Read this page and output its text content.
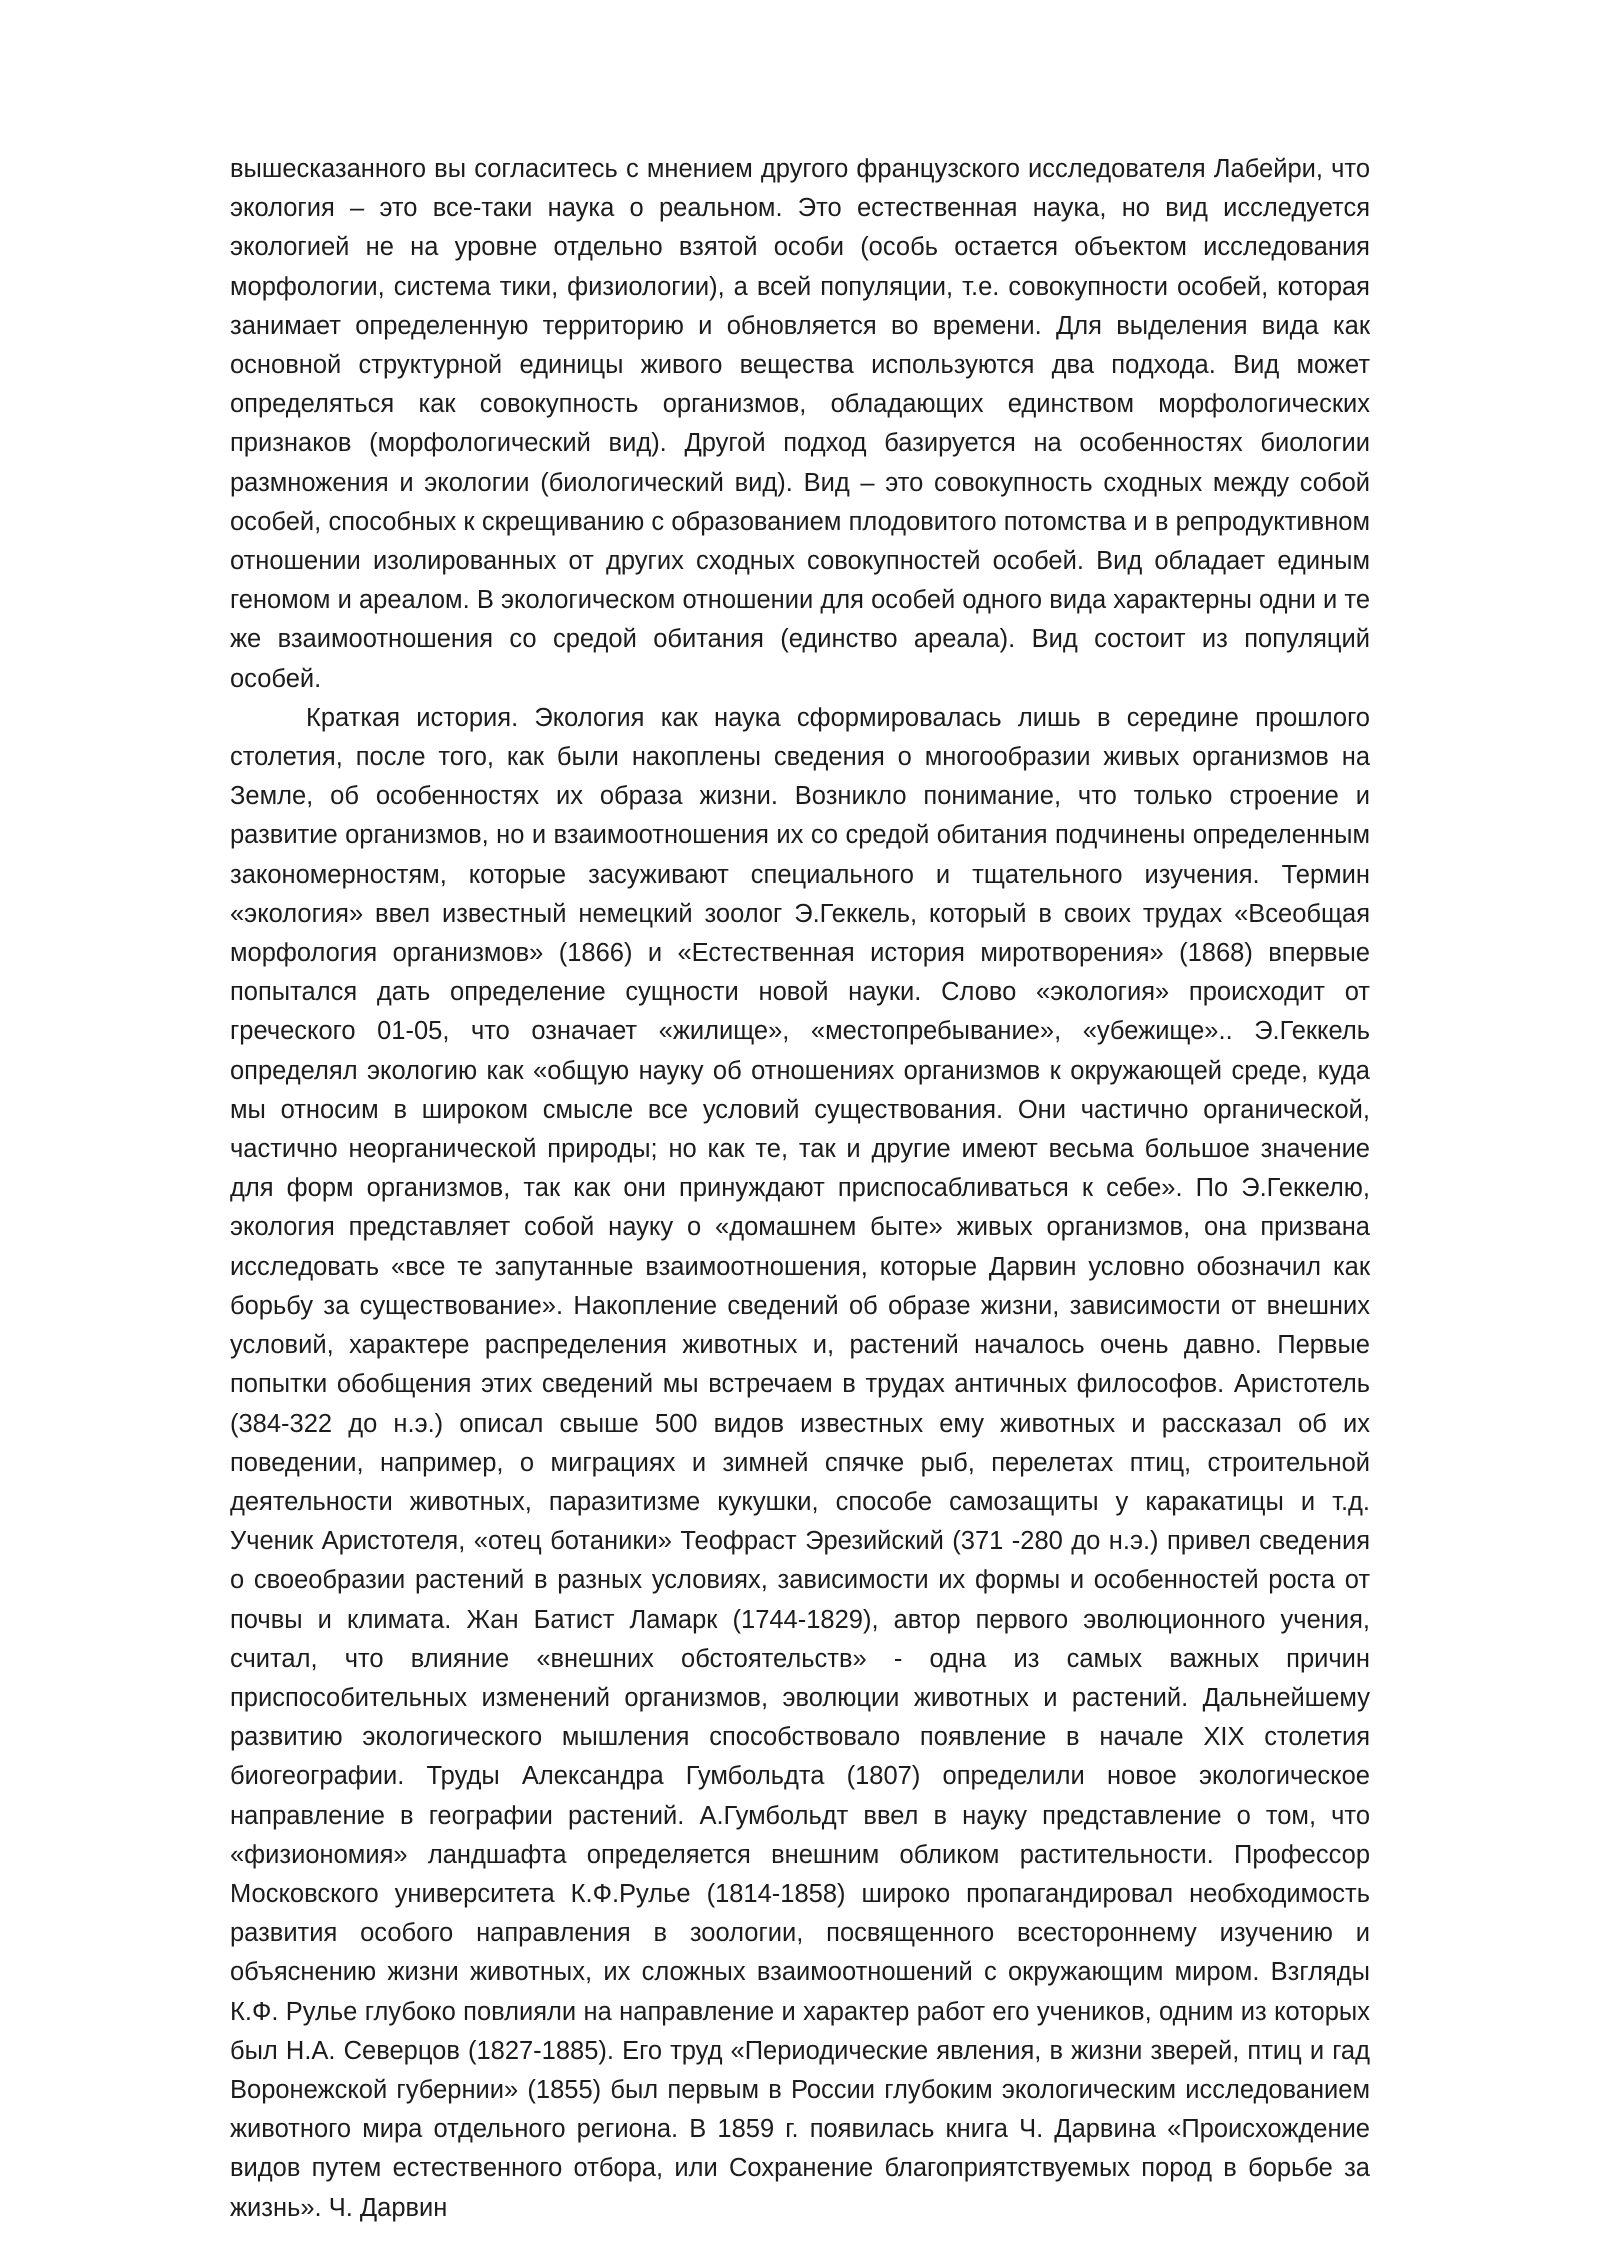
вышесказанного вы согласитесь с мнением другого французского исследователя Лабейри, что экология – это все-таки наука о реальном. Это естественная наука, но вид исследуется экологией не на уровне отдельно взятой особи (особь остается объектом исследования морфологии, система тики, физиологии), а всей популяции, т.е. совокупности особей, которая занимает определенную территорию и обновляется во времени. Для выделения вида как основной структурной единицы живого вещества используются два подхода. Вид может определяться как совокупность организмов, обладающих единством морфологических признаков (морфологический вид). Другой подход базируется на особенностях биологии размножения и экологии (биологический вид). Вид – это совокупность сходных между собой особей, способных к скрещиванию с образованием плодовитого потомства и в репродуктивном отношении изолированных от других сходных совокупностей особей. Вид обладает единым геномом и ареалом. В экологическом отношении для особей одного вида характерны одни и те же взаимоотношения со средой обитания (единство ареала). Вид состоит из популяций особей.

Краткая история. Экология как наука сформировалась лишь в середине прошлого столетия, после того, как были накоплены сведения о многообразии живых организмов на Земле, об особенностях их образа жизни. Возникло понимание, что только строение и развитие организмов, но и взаимоотношения их со средой обитания подчинены определенным закономерностям, которые засуживают специального и тщательного изучения. Термин «экология» ввел известный немецкий зоолог Э.Геккель, который в своих трудах «Всеобщая морфология организмов» (1866) и «Естественная история миротворения» (1868) впервые попытался дать определение сущности новой науки. Слово «экология» происходит от греческого 01-05, что означает «жилище», «местопребывание», «убежище».. Э.Геккель определял экологию как «общую науку об отношениях организмов к окружающей среде, куда мы относим в широком смысле все условий существования. Они частично органической, частично неорганической природы; но как те, так и другие имеют весьма большое значение для форм организмов, так как они принуждают приспосабливаться к себе». По Э.Геккелю, экология представляет собой науку о «домашнем быте» живых организмов, она призвана исследовать «все те запутанные взаимоотношения, которые Дарвин условно обозначил как борьбу за существование». Накопление сведений об образе жизни, зависимости от внешних условий, характере распределения животных и, растений началось очень давно. Первые попытки обобщения этих сведений мы встречаем в трудах античных философов. Аристотель (384-322 до н.э.) описал свыше 500 видов известных ему животных и рассказал об их поведении, например, о миграциях и зимней спячке рыб, перелетах птиц, строительной деятельности животных, паразитизме кукушки, способе самозащиты у каракатицы и т.д. Ученик Аристотеля, «отец ботаники» Теофраст Эрезийский (371 -280 до н.э.) привел сведения о своеобразии растений в разных условиях, зависимости их формы и особенностей роста от почвы и климата. Жан Батист Ламарк (1744-1829), автор первого эволюционного учения, считал, что влияние «внешних обстоятельств» - одна из самых важных причин приспособительных изменений организмов, эволюции животных и растений. Дальнейшему развитию экологического мышления способствовало появление в начале XIX столетия биогеографии. Труды Александра Гумбольдта (1807) определили новое экологическое направление в географии растений. А.Гумбольдт ввел в науку представление о том, что «физиономия» ландшафта определяется внешним обликом растительности. Профессор Московского университета К.Ф.Рулье (1814-1858) широко пропагандировал необходимость развития особого направления в зоологии, посвященного всестороннему изучению и объяснению жизни животных, их сложных взаимоотношений с окружающим миром. Взгляды К.Ф. Рулье глубоко повлияли на направление и характер работ его учеников, одним из которых был Н.А. Северцов (1827-1885). Его труд «Периодические явления, в жизни зверей, птиц и гад Воронежской губернии» (1855) был первым в России глубоким экологическим исследованием животного мира отдельного региона. В 1859 г. появилась книга Ч. Дарвина «Происхождение видов путем естественного отбора, или Сохранение благоприятствуемых пород в борьбе за жизнь». Ч. Дарвин
